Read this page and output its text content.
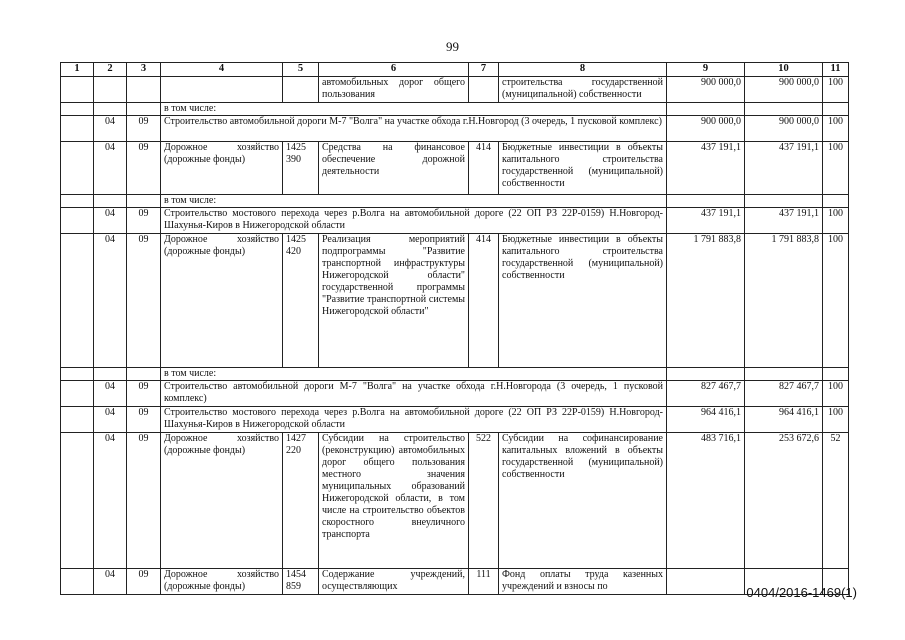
99
1	2	3	4	5	6	7	8	9	10	11
					автомобильных дорог общего пользования		строительства государственной (муниципальной) собственности	900 000,0	900 000,0	100
			в том числе:							
	04	09	Строительство автомобильной дороги М-7 "Волга" на участке обхода г.Н.Новгород (3 очередь, 1 пусковой комплекс)					900 000,0	900 000,0	100
	04	09	Дорожное хозяйство (дорожные фонды)	1425 390	Средства на финансовое обеспечение дорожной деятельности	414	Бюджетные инвестиции в объекты капитального строительства государственной (муниципальной) собственности	437 191,1	437 191,1	100
			в том числе:							
	04	09	Строительство мостового перехода через р.Волга на автомобильной дороге (22 ОП РЗ 22Р-0159) Н.Новгород-Шахунья-Киров в Нижегородской области					437 191,1	437 191,1	100
	04	09	Дорожное хозяйство (дорожные фонды)	1425 420	Реализация мероприятий подпрограммы "Развитие транспортной инфраструктуры Нижегородской области" государственной программы "Развитие транспортной системы Нижегородской области"	414	Бюджетные инвестиции в объекты капитального строительства государственной (муниципальной) собственности	1 791 883,8	1 791 883,8	100
			в том числе:							
	04	09	Строительство автомобильной дороги М-7 "Волга" на участке обхода г.Н.Новгорода (3 очередь, 1 пусковой комплекс)					827 467,7	827 467,7	100
	04	09	Строительство мостового перехода через р.Волга на автомобильной дороге (22 ОП РЗ 22Р-0159) Н.Новгород-Шахунья-Киров в Нижегородской области					964 416,1	964 416,1	100
	04	09	Дорожное хозяйство (дорожные фонды)	1427 220	Субсидии на строительство (реконструкцию) автомобильных дорог общего пользования местного значения муниципальных образований Нижегородской области, в том числе на строительство объектов скоростного внеуличного транспорта	522	Субсидии на софинансирование капитальных вложений в объекты государственной (муниципальной) собственности	483 716,1	253 672,6	52
	04	09	Дорожное хозяйство (дорожные фонды)	1454 859	Содержание учреждений, осуществляющих	111	Фонд оплаты труда казенных учреждений и взносы по				0404/2016-1469(1)
